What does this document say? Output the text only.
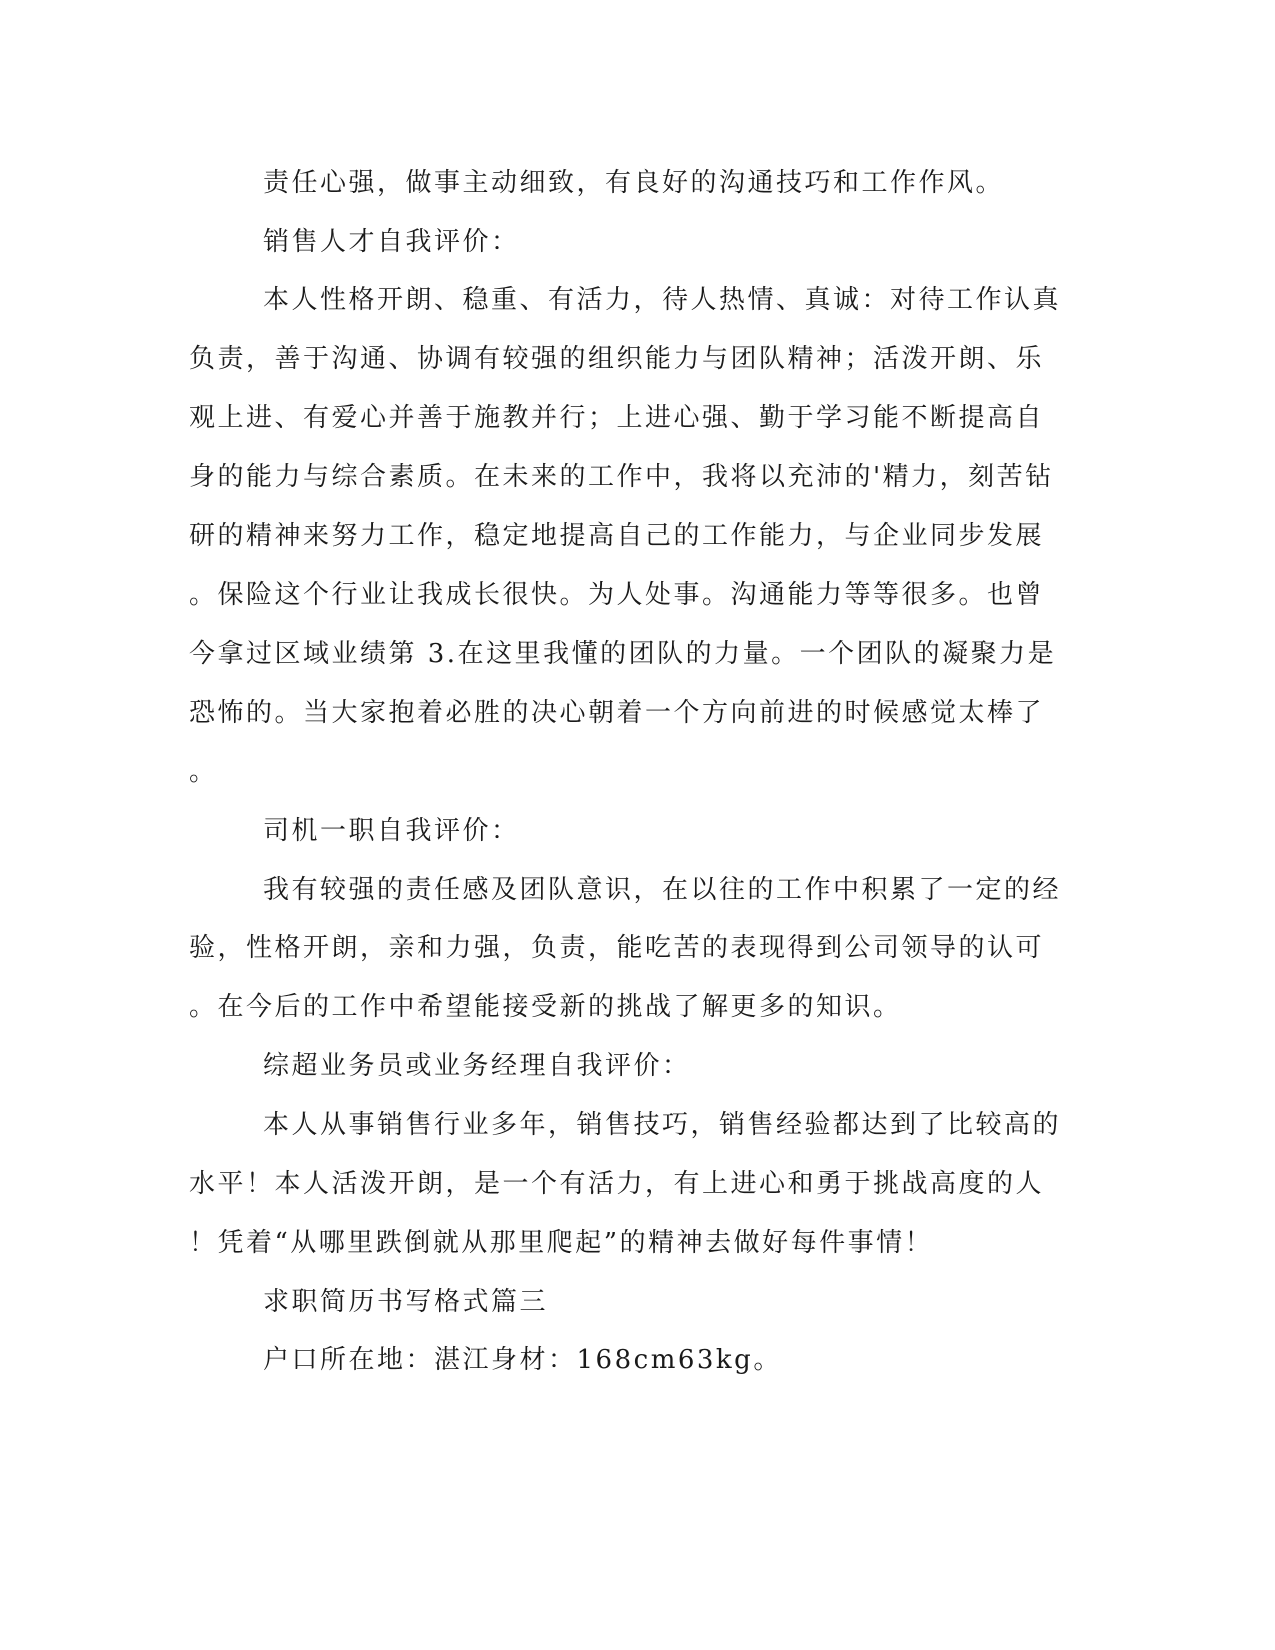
责任心强，做事主动细致，有良好的沟通技巧和工作作风。
销售人才自我评价：
本人性格开朗、稳重、有活力，待人热情、真诚：对待工作认真
负责，善于沟通、协调有较强的组织能力与团队精神；活泼开朗、乐
观上进、有爱心并善于施教并行；上进心强、勤于学习能不断提高自
身的能力与综合素质。在未来的工作中，我将以充沛的'精力，刻苦钻
研的精神来努力工作，稳定地提高自己的工作能力，与企业同步发展
。保险这个行业让我成长很快。为人处事。沟通能力等等很多。也曾
今拿过区域业绩第 3.在这里我懂的团队的力量。一个团队的凝聚力是
恐怖的。当大家抱着必胜的决心朝着一个方向前进的时候感觉太棒了
。
司机一职自我评价：
我有较强的责任感及团队意识，在以往的工作中积累了一定的经
验，性格开朗，亲和力强，负责，能吃苦的表现得到公司领导的认可
。在今后的工作中希望能接受新的挑战了解更多的知识。
综超业务员或业务经理自我评价：
本人从事销售行业多年，销售技巧，销售经验都达到了比较高的
水平！本人活泼开朗，是一个有活力，有上进心和勇于挑战高度的人
！凭着“从哪里跌倒就从那里爬起”的精神去做好每件事情！
求职简历书写格式篇三
户口所在地：湛江身材：168cm63kg。
